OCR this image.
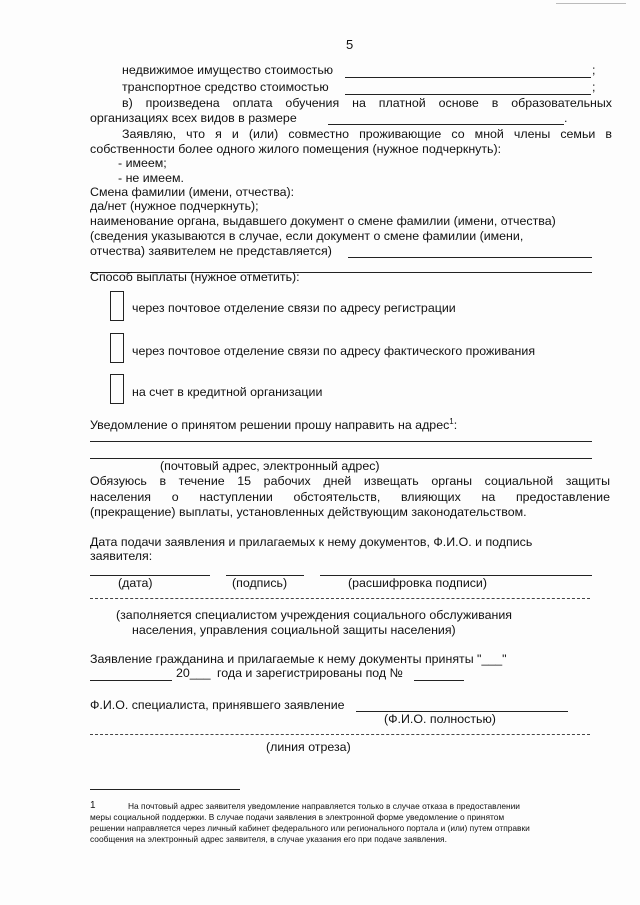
5
недвижимое имущество стоимостью	;
транспортное средство стоимостью	;
в) произведена оплата обучения на платной основе в образовательных
организациях всех видов в размере	.
Заявляю, что я и (или) совместно проживающие со мной члены семьи в
собственности более одного жилого помещения (нужное подчеркнуть):
- имеем;
- не имеем.
Смена фамилии (имени, отчества):
да/нет (нужное подчеркнуть);
наименование органа, выдавшего документ о смене фамилии (имени, отчества)
(сведения указываются в случае, если документ о смене фамилии (имени,
отчества) заявителем не представляется)
Способ выплаты (нужное отметить):
через почтовое отделение связи по адресу регистрации
через почтовое отделение связи по адресу фактического проживания
на счет в кредитной организации
Уведомление о принятом решении прошу направить на адрес$^1$:
(почтовый адрес, электронный адрес)
Обязуюсь в течение 15 рабочих дней извещать органы социальной защиты
населения о наступлении обстоятельств, влияющих на предоставление
(прекращение) выплаты, установленных действующим законодательством.
Дата подачи заявления и прилагаемых к нему документов, Ф.И.О. и подпись
заявителя:
(дата)	(подпись)	(расшифровка подписи)
(заполняется специалистом учреждения социального обслуживания
населения, управления социальной защиты населения)
Заявление гражданина и прилагаемые к нему документы приняты "___"
20___ года и зарегистрированы под №
Ф.И.О. специалиста, принявшего заявление
(Ф.И.О. полностью)
(линия отреза)
1	На почтовый адрес заявителя уведомление направляется только в случае отказа в предоставлении
меры социальной поддержки. В случае подачи заявления в электронной форме уведомление о принятом
решении направляется через личный кабинет федерального или регионального портала и (или) путем отправки
сообщения на электронный адрес заявителя, в случае указания его при подаче заявления.
